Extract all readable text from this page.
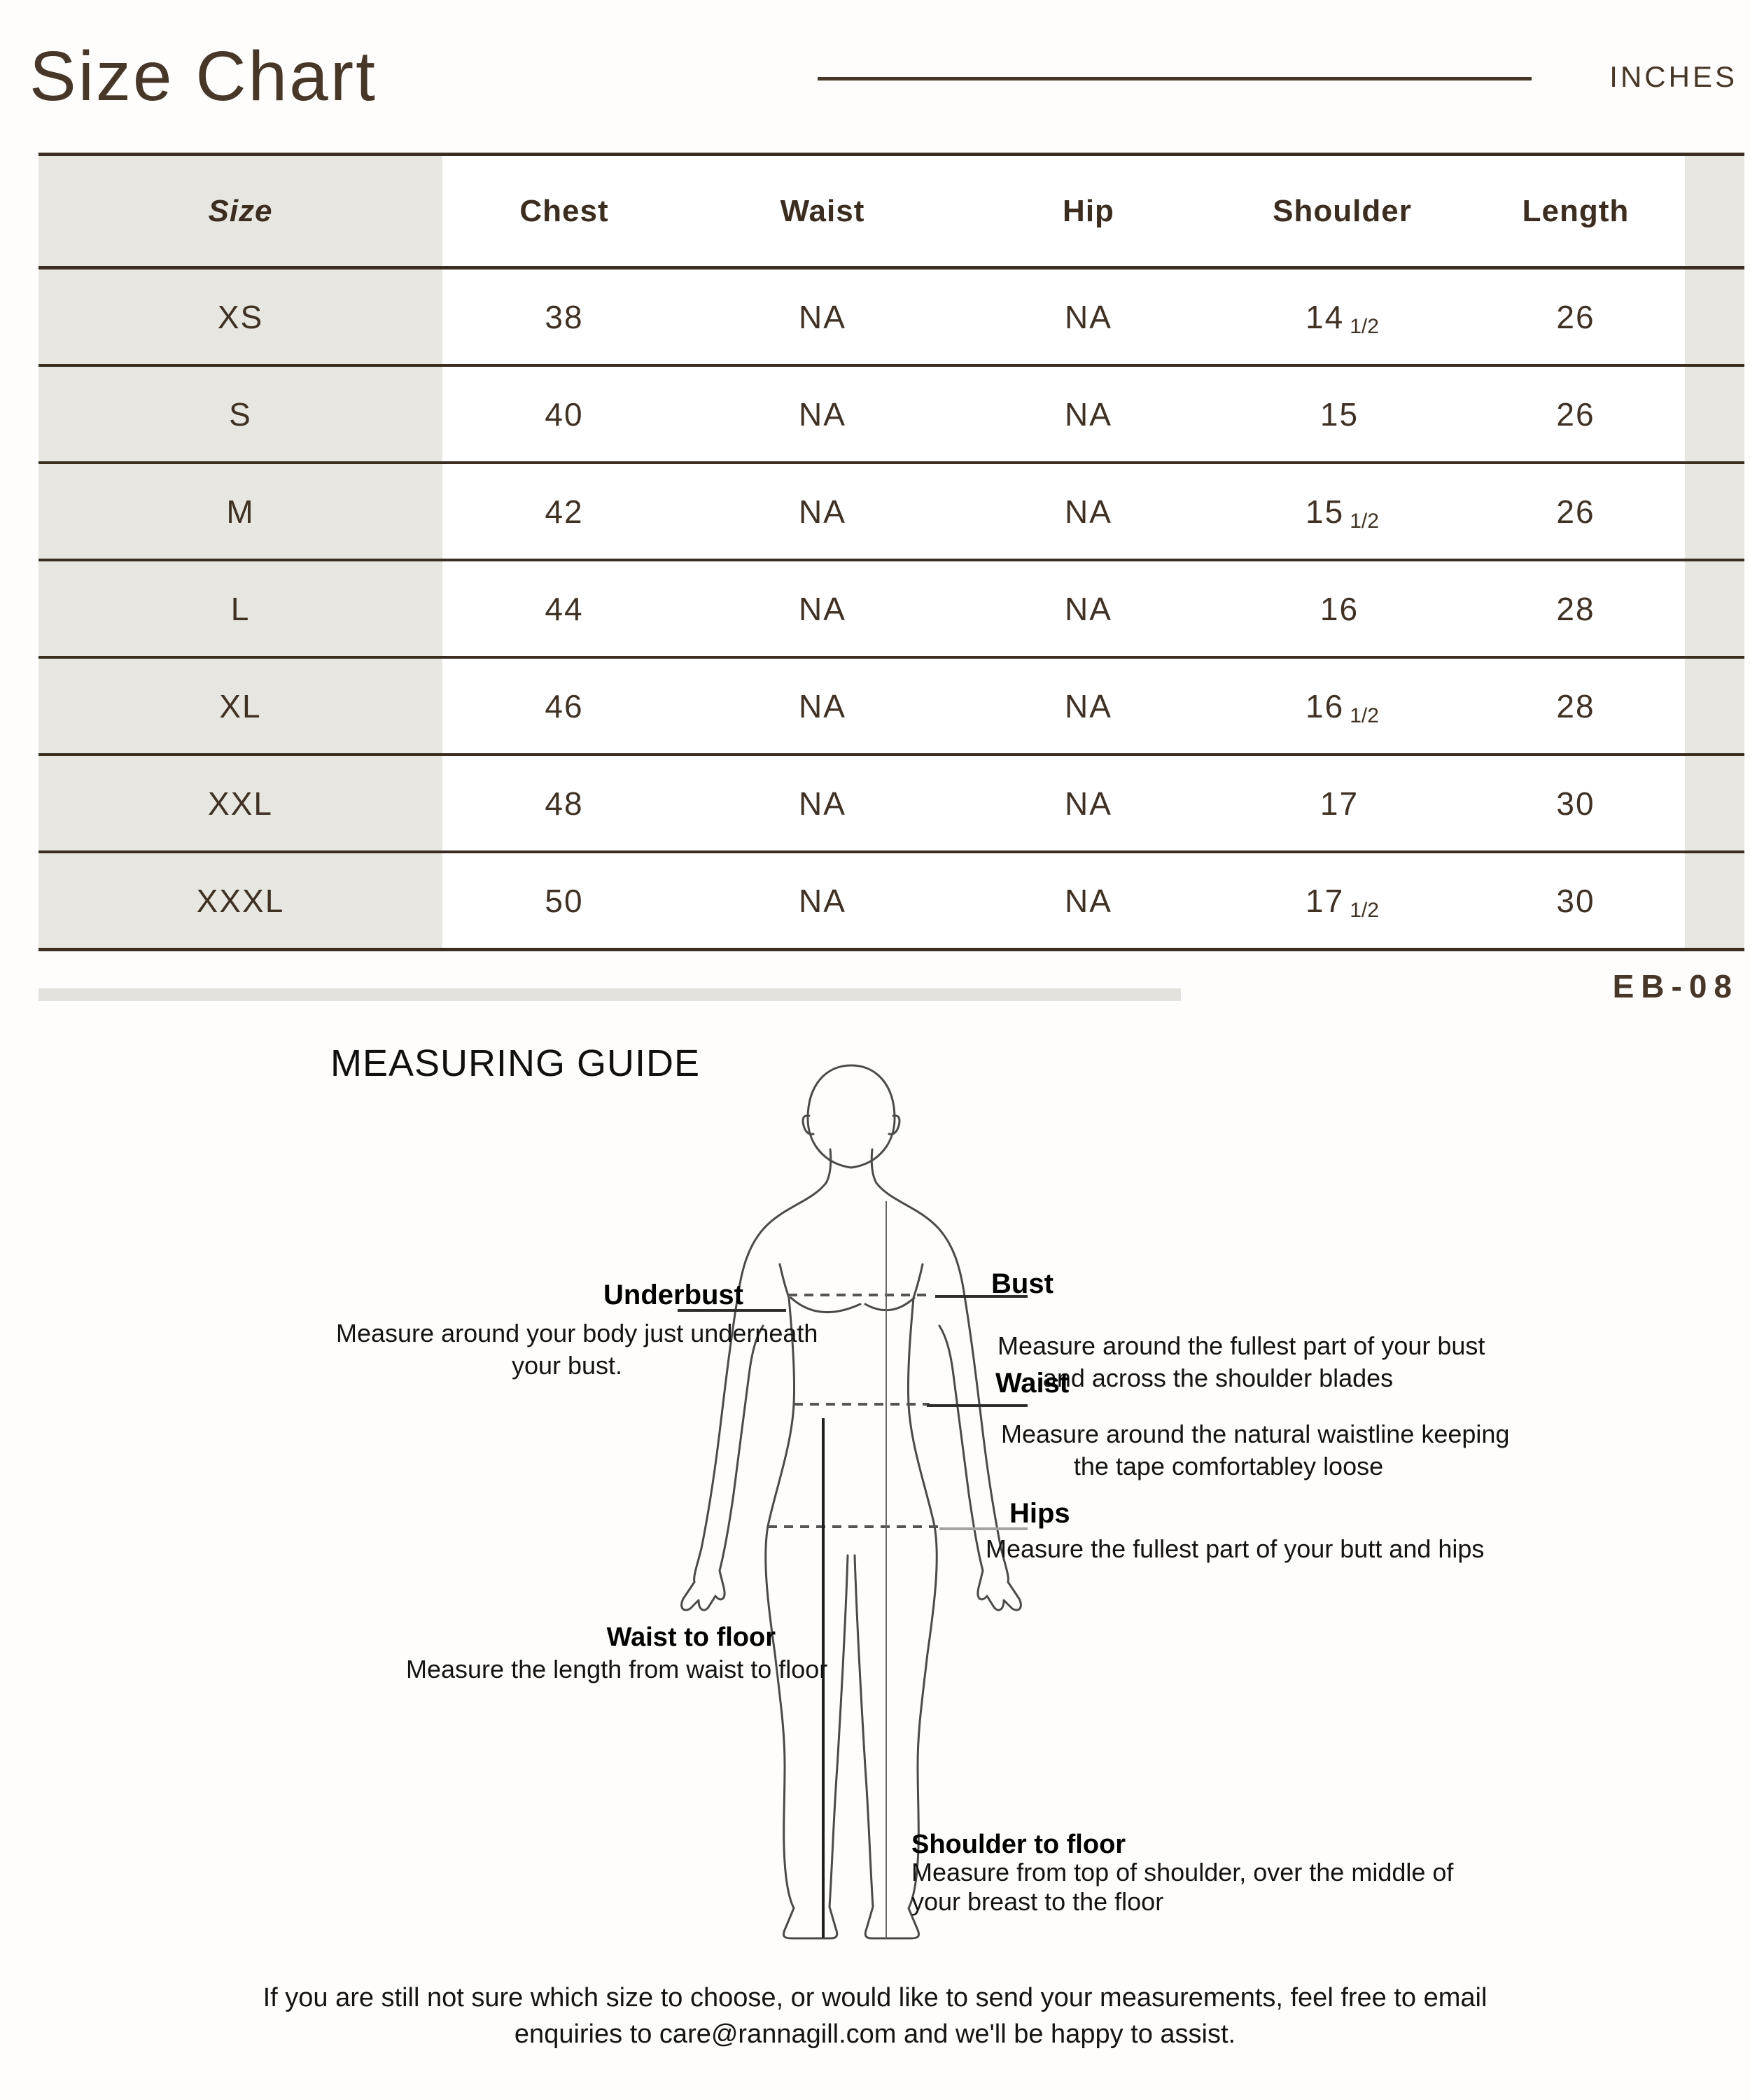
Size Chart	INCHES
Size	Chest	Waist	Hip	Shoulder	Length
XS	38	NA	NA	14 1/2	26
S	40	NA	NA	15	26
M	42	NA	NA	15 1/2	26
L	44	NA	NA	16	28
XL	46	NA	NA	16 1/2	28
XXL	48	NA	NA	17	30
XXXL	50	NA	NA	17 1/2	30
EB-08
MEASURING GUIDE
Underbust
Measure around your body just underneath
your bust.
Bust
Measure around the fullest part of your bust
and across the shoulder blades
Waist
Measure around the natural waistline keeping
the tape comfortabley loose
Hips
Measure the fullest part of your butt and hips
Waist to floor
Measure the length from waist to floor
Shoulder to floor
Measure from top of shoulder, over the middle of
your breast to the floor
If you are still not sure which size to choose, or would like to send your measurements, feel free to email
enquiries to care@rannagill.com and we'll be happy to assist.
